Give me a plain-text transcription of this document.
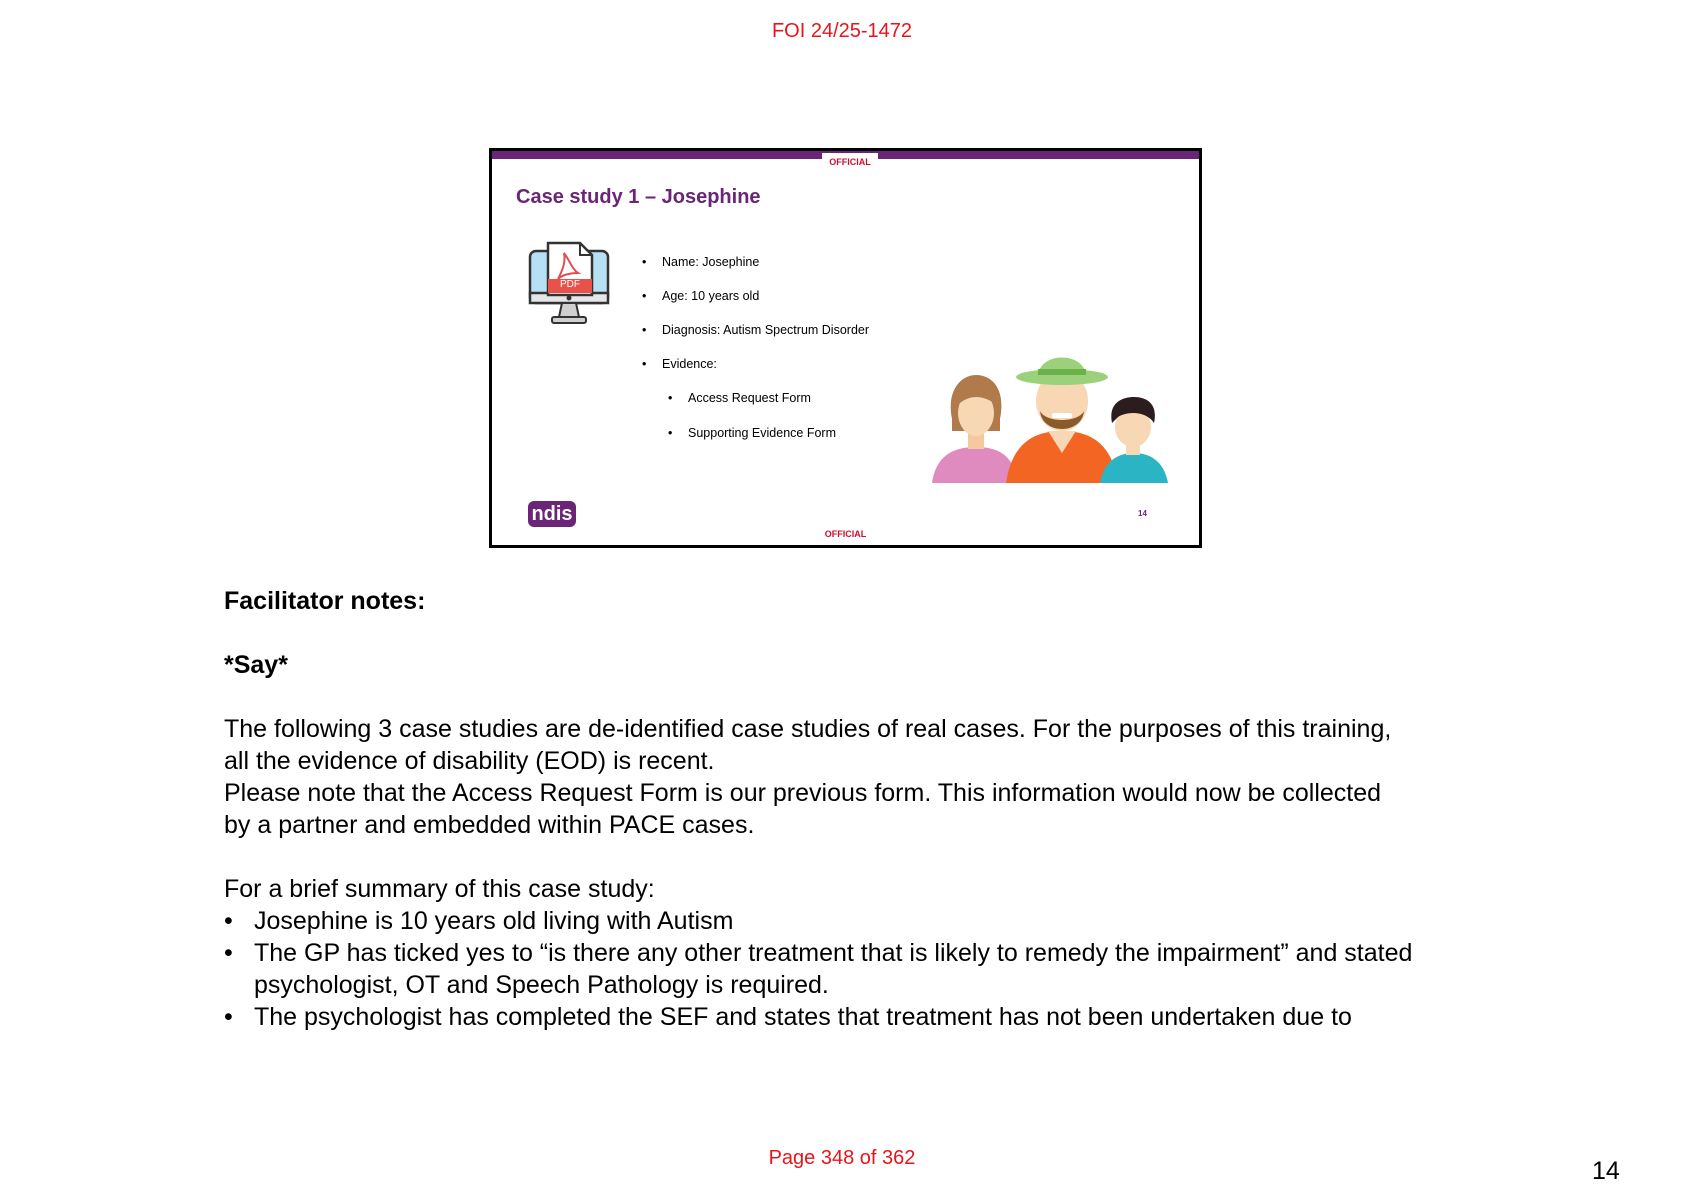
FOI 24/25-1472
OFFICIAL
Case study 1 – Josephine
PDF
• Name: Josephine
• Age: 10 years old
• Diagnosis: Autism Spectrum Disorder
• Evidence:
• Access Request Form
• Supporting Evidence Form
ndis	14
OFFICIAL

Facilitator notes:

*Say*

The following 3 case studies are de-identified case studies of real cases. For the purposes of this training,

all the evidence of disability (EOD) is recent.

Please note that the Access Request Form is our previous form. This information would now be collected

by a partner and embedded within PACE cases.

For a brief summary of this case study:

• Josephine is 10 years old living with Autism
• The GP has ticked yes to “is there any other treatment that is likely to remedy the impairment” and stated psychologist, OT and Speech Pathology is required.
• The psychologist has completed the SEF and states that treatment has not been undertaken due to
Page 348 of 362	14
